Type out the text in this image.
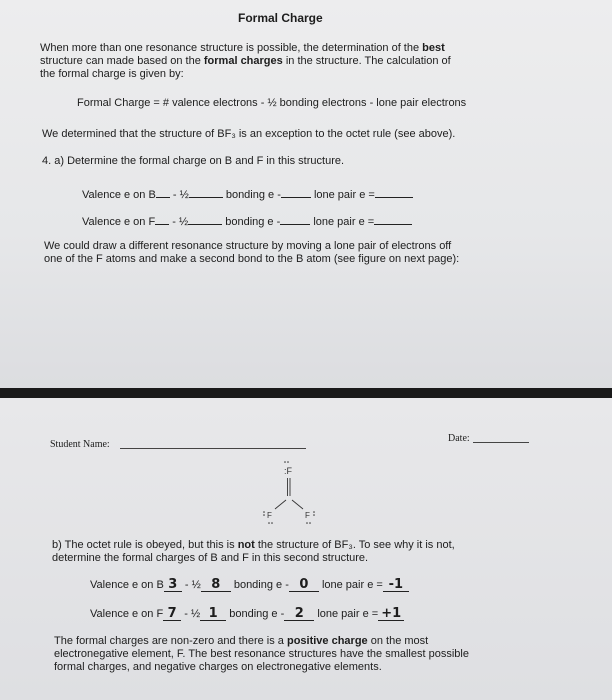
Formal Charge
When more than one resonance structure is possible, the determination of the best
structure can made based on the formal charges in the structure. The calculation of
the formal charge is given by:
Formal Charge = # valence electrons - ½ bonding electrons - lone pair electrons
We determined that the structure of BF₃ is an exception to the octet rule (see above).
4. a) Determine the formal charge on B and F in this structure.
Valence e on B - ½	bonding e -	lone pair e =
Valence e on F - ½	bonding e -	lone pair e =
We could draw a different resonance structure by moving a lone pair of electrons off
one of the F atoms and make a second bond to the B atom (see figure on next page):
Student Name:
Date:
:F
F	F
b) The octet rule is obeyed, but this is not the structure of BF₃. To see why it is not,
determine the formal charges of B and F in this second structure.
Valence e on B 3 - ½ 8 bonding e - 0 lone pair e = -1
Valence e on F 7 - ½ 1 bonding e - 2 lone pair e = +1
The formal charges are non-zero and there is a positive charge on the most
electronegative element, F. The best resonance structures have the smallest possible
formal charges, and negative charges on electronegative elements.
